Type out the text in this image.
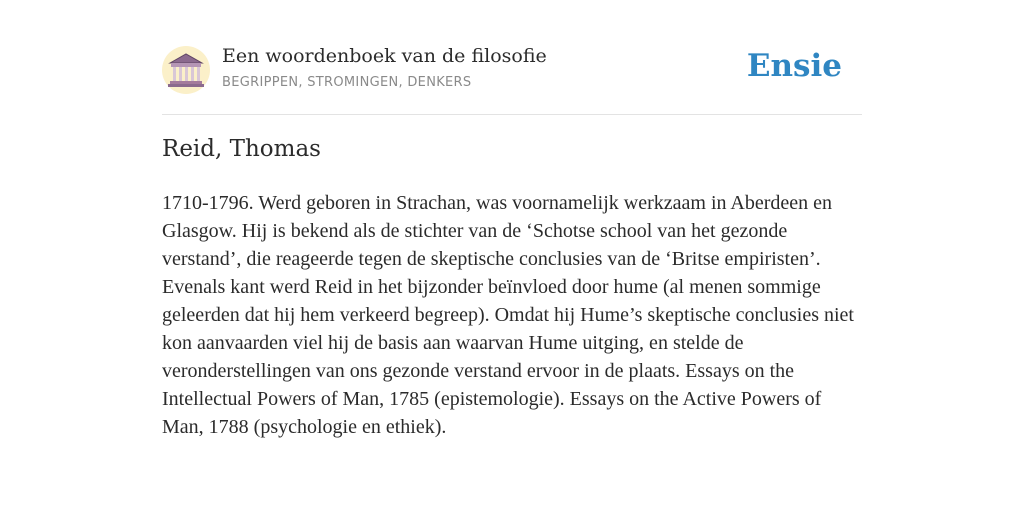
Een woordenboek van de filosofie
BEGRIPPEN, STROMINGEN, DENKERS	Ensie
Reid, Thomas

1710-1796. Werd geboren in Strachan, was voornamelijk werkzaam in Aberdeen en Glasgow. Hij is bekend als de stichter van de ‘Schotse school van het gezonde verstand’, die reageerde tegen de skeptische conclusies van de ‘Britse empiristen’. Evenals kant werd Reid in het bijzonder beïnvloed door hume (al menen sommige geleerden dat hij hem verkeerd begreep). Omdat hij Hume’s skeptische conclusies niet kon aanvaarden viel hij de basis aan waarvan Hume uitging, en stelde de veronderstellingen van ons gezonde verstand ervoor in de plaats. Essays on the Intellectual Powers of Man, 1785 (epistemologie). Essays on the Active Powers of Man, 1788 (psychologie en ethiek).
